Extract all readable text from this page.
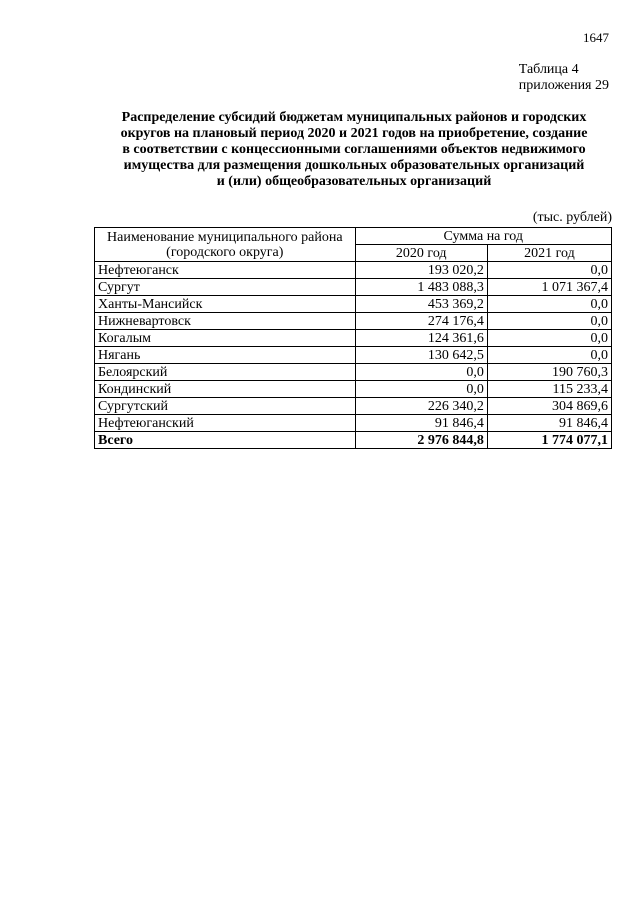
1647
Таблица 4
приложения 29
Распределение субсидий бюджетам муниципальных районов и городских
округов на плановый период 2020 и 2021 годов на приобретение, создание
в соответствии с концессионными соглашениями объектов недвижимого
имущества для размещения дошкольных образовательных организаций
и (или) общеобразовательных организаций
(тыс. рублей)
Наименование муниципального района
(городского округа)	Сумма на год	
	2020 год	2021 год
Нефтеюганск	193 020,2	0,0
Сургут	1 483 088,3	1 071 367,4
Ханты-Мансийск	453 369,2	0,0
Нижневартовск	274 176,4	0,0
Когалым	124 361,6	0,0
Нягань	130 642,5	0,0
Белоярский	0,0	190 760,3
Кондинский	0,0	115 233,4
Сургутский	226 340,2	304 869,6
Нефтеюганский	91 846,4	91 846,4
Всего	2 976 844,8	1 774 077,1
